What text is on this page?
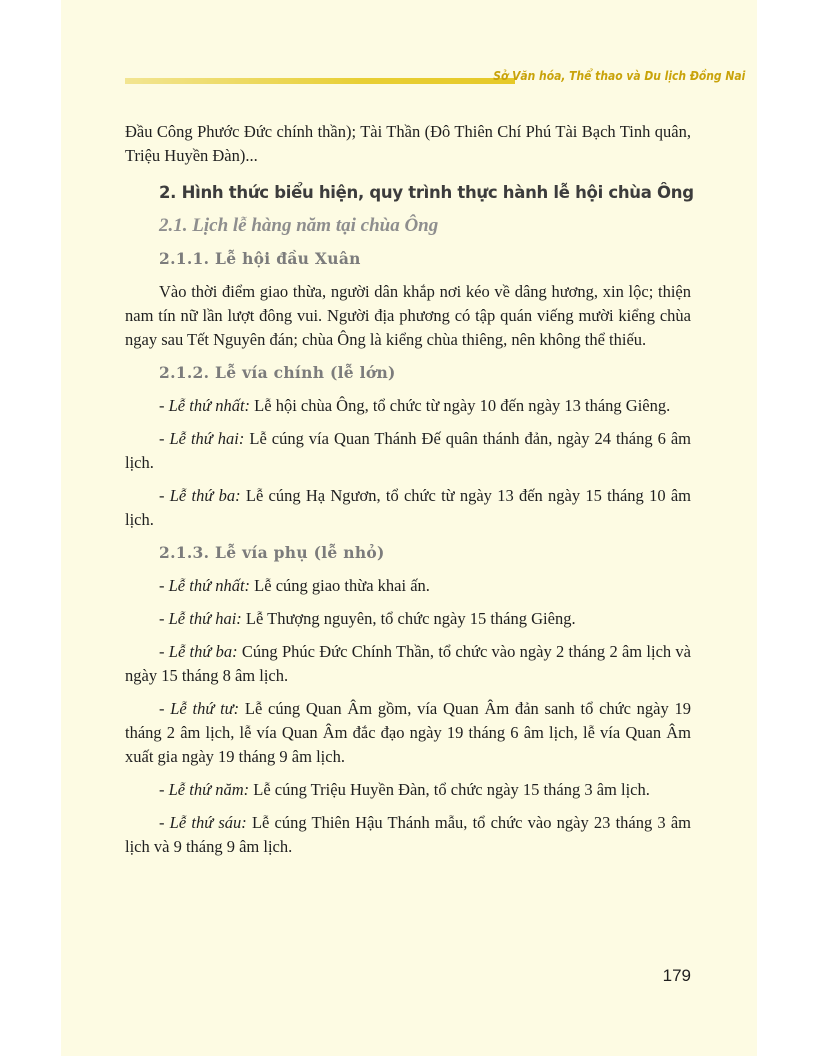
Sở Văn hóa, Thể thao và Du lịch Đồng Nai

Đầu Công Phước Đức chính thần); Tài Thần (Đô Thiên Chí Phú Tài Bạch Tinh quân, Triệu Huyền Đàn)...

2. Hình thức biểu hiện, quy trình thực hành lễ hội chùa Ông
2.1. Lịch lễ hàng năm tại chùa Ông
2.1.1. Lễ hội đầu Xuân

Vào thời điểm giao thừa, người dân khắp nơi kéo về dâng hương, xin lộc; thiện nam tín nữ lần lượt đông vui. Người địa phương có tập quán viếng mười kiểng chùa ngay sau Tết Nguyên đán; chùa Ông là kiểng chùa thiêng, nên không thể thiếu.

2.1.2. Lễ vía chính (lễ lớn)

- Lễ thứ nhất: Lễ hội chùa Ông, tổ chức từ ngày 10 đến ngày 13 tháng Giêng.

- Lễ thứ hai: Lễ cúng vía Quan Thánh Đế quân thánh đản, ngày 24 tháng 6 âm lịch.

- Lễ thứ ba: Lễ cúng Hạ Ngươn, tổ chức từ ngày 13 đến ngày 15 tháng 10 âm lịch.

2.1.3. Lễ vía phụ (lễ nhỏ)

- Lễ thứ nhất: Lễ cúng giao thừa khai ấn.

- Lễ thứ hai: Lễ Thượng nguyên, tổ chức ngày 15 tháng Giêng.

- Lễ thứ ba: Cúng Phúc Đức Chính Thần, tổ chức vào ngày 2 tháng 2 âm lịch và ngày 15 tháng 8 âm lịch.

- Lễ thứ tư: Lễ cúng Quan Âm gồm, vía Quan Âm đản sanh tổ chức ngày 19 tháng 2 âm lịch, lễ vía Quan Âm đắc đạo ngày 19 tháng 6 âm lịch, lễ vía Quan Âm xuất gia ngày 19 tháng 9 âm lịch.

- Lễ thứ năm: Lễ cúng Triệu Huyền Đàn, tổ chức ngày 15 tháng 3 âm lịch.

- Lễ thứ sáu: Lễ cúng Thiên Hậu Thánh mẫu, tổ chức vào ngày 23 tháng 3 âm lịch và 9 tháng 9 âm lịch.

179
